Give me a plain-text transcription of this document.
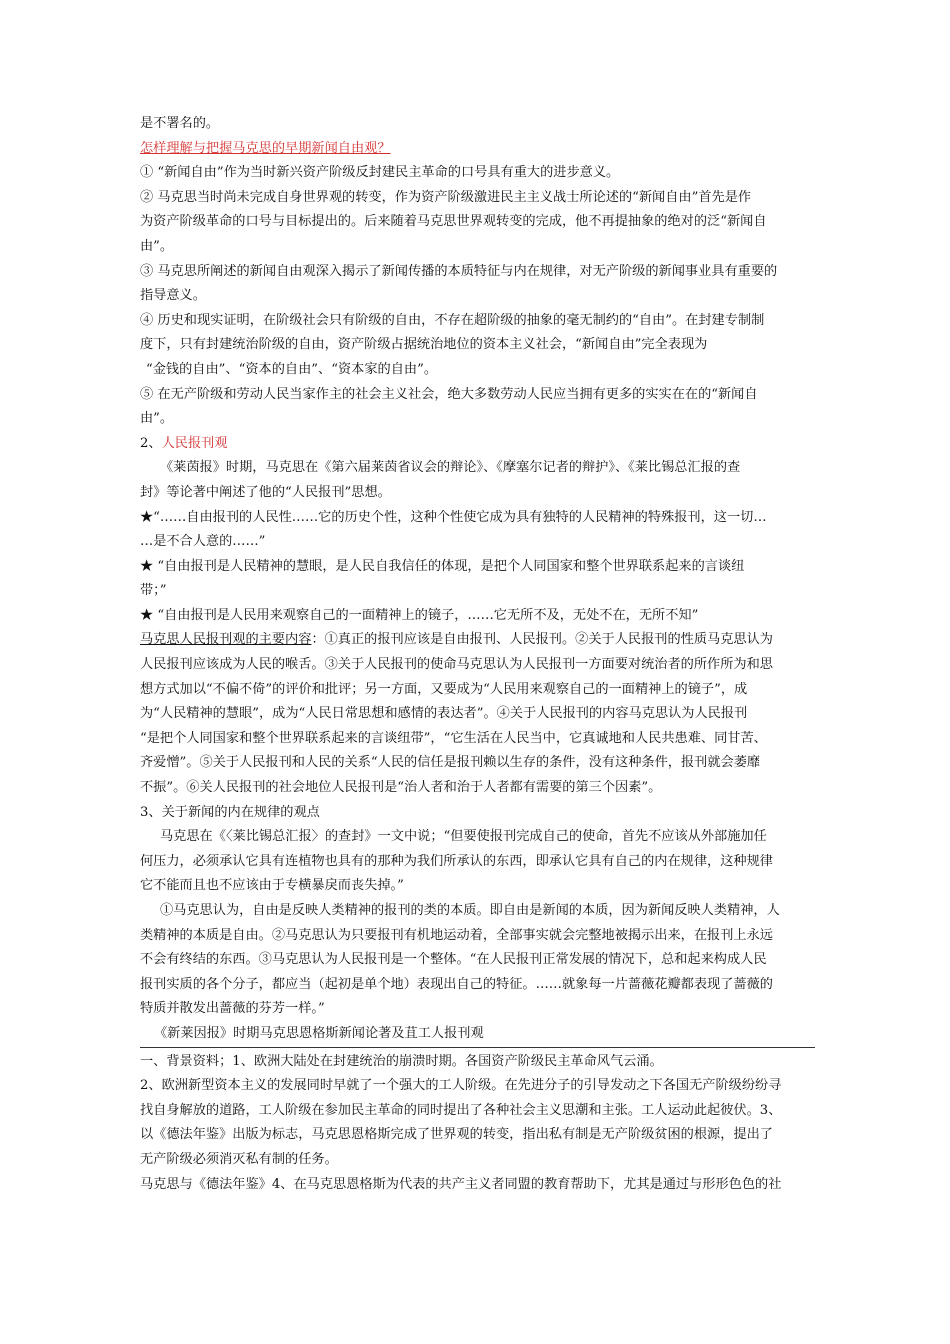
是不署名的。
怎样理解与把握马克思的早期新闻自由观？
① “新闻自由”作为当时新兴资产阶级反封建民主革命的口号具有重大的进步意义。
② 马克思当时尚未完成自身世界观的转变，作为资产阶级激进民主主义战士所论述的“新闻自由”首先是作
为资产阶级革命的口号与目标提出的。后来随着马克思世界观转变的完成，他不再提抽象的绝对的泛“新闻自
由”。
③ 马克思所阐述的新闻自由观深入揭示了新闻传播的本质特征与内在规律，对无产阶级的新闻事业具有重要的
指导意义。
④ 历史和现实证明，在阶级社会只有阶级的自由，不存在超阶级的抽象的毫无制约的“自由”。在封建专制制
度下，只有封建统治阶级的自由，资产阶级占据统治地位的资本主义社会，“新闻自由”完全表现为
“金钱的自由”、“资本的自由”、“资本家的自由”。
⑤ 在无产阶级和劳动人民当家作主的社会主义社会，绝大多数劳动人民应当拥有更多的实实在在的“新闻自
由”。
2、人民报刊观
《莱茵报》时期，马克思在《第六届莱茵省议会的辩论》、《摩塞尔记者的辩护》、《莱比锡总汇报的查
封》等论著中阐述了他的“人民报刊”思想。
★“……自由报刊的人民性……它的历史个性，这种个性使它成为具有独特的人民精神的特殊报刊，这一切…
…是不合人意的……”
★ “自由报刊是人民精神的慧眼，是人民自我信任的体现，是把个人同国家和整个世界联系起来的言谈纽
带；”
★ “自由报刊是人民用来观察自己的一面精神上的镜子，……它无所不及，无处不在，无所不知”
马克思人民报刊观的主要内容：①真正的报刊应该是自由报刊、人民报刊。②关于人民报刊的性质马克思认为
人民报刊应该成为人民的喉舌。③关于人民报刊的使命马克思认为人民报刊一方面要对统治者的所作所为和思
想方式加以“不偏不倚”的评价和批评；另一方面，又要成为“人民用来观察自己的一面精神上的镜子”，成
为“人民精神的慧眼”，成为“人民日常思想和感情的表达者”。④关于人民报刊的内容马克思认为人民报刊
“是把个人同国家和整个世界联系起来的言谈纽带”，“它生活在人民当中，它真诚地和人民共患难、同甘苦、
齐爱憎”。⑤关于人民报刊和人民的关系“人民的信任是报刊赖以生存的条件，没有这种条件，报刊就会萎靡
不振”。⑥关人民报刊的社会地位人民报刊是“治人者和治于人者都有需要的第三个因素”。
3、关于新闻的内在规律的观点
马克思在《〈莱比锡总汇报〉的查封》一文中说；“但要使报刊完成自己的使命，首先不应该从外部施加任
何压力，必须承认它具有连植物也具有的那种为我们所承认的东西，即承认它具有自己的内在规律，这种规律
它不能而且也不应该由于专横暴戾而丧失掉。”
①马克思认为，自由是反映人类精神的报刊的类的本质。即自由是新闻的本质，因为新闻反映人类精神，人
类精神的本质是自由。②马克思认为只要报刊有机地运动着，全部事实就会完整地被揭示出来，在报刊上永远
不会有终结的东西。③马克思认为人民报刊是一个整体。“在人民报刊正常发展的情况下，总和起来构成人民
报刊实质的各个分子，都应当（起初是单个地）表现出自己的特征。……就象每一片蔷薇花瓣都表现了蔷薇的
特质并散发出蔷薇的芬芳一样。”
《新莱因报》时期马克思恩格斯新闻论著及苴工人报刊观
一、背景资料；1、欧洲大陆处在封建统治的崩溃时期。各国资产阶级民主革命风气云涌。
2、欧洲新型资本主义的发展同时早就了一个强大的工人阶级。在先进分子的引导发动之下各国无产阶级纷纷寻
找自身解放的道路，工人阶级在参加民主革命的同时提出了各种社会主义思潮和主张。工人运动此起彼伏。3、
以《德法年鉴》出版为标志，马克思恩格斯完成了世界观的转变，指出私有制是无产阶级贫困的根源，提出了
无产阶级必须消灭私有制的任务。
马克思与《德法年鉴》4、在马克思恩格斯为代表的共产主义者同盟的教育帮助下，尤其是通过与形形色色的社
